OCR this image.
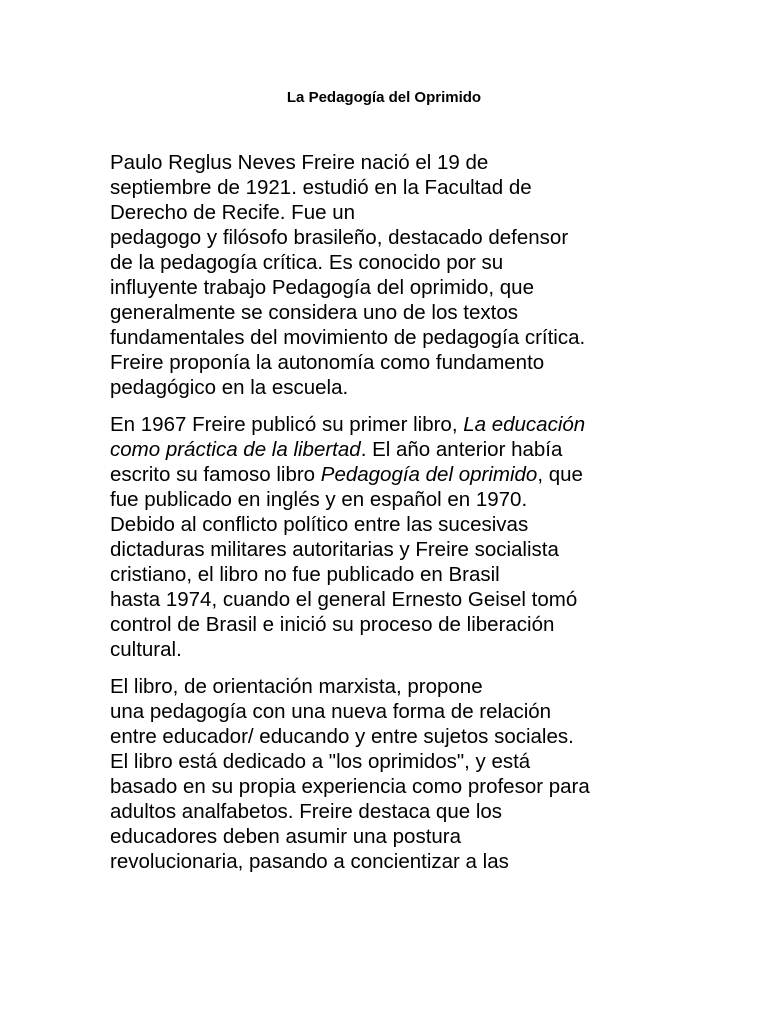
La Pedagogía del Oprimido

Paulo Reglus Neves Freire nació el 19 de
septiembre de 1921. estudió en la Facultad de
Derecho de Recife. Fue un
pedagogo y filósofo brasileño, destacado defensor
de la pedagogía crítica. Es conocido por su
influyente trabajo Pedagogía del oprimido, que
generalmente se considera uno de los textos
fundamentales del movimiento de pedagogía crítica.
Freire proponía la autonomía como fundamento
pedagógico en la escuela.

En 1967 Freire publicó su primer libro, La educación
como práctica de la libertad. El año anterior había
escrito su famoso libro Pedagogía del oprimido, que
fue publicado en inglés y en español en 1970.
Debido al conflicto político entre las sucesivas
dictaduras militares autoritarias y Freire socialista
cristiano, el libro no fue publicado en Brasil
hasta 1974, cuando el general Ernesto Geisel tomó
control de Brasil e inició su proceso de liberación
cultural.

El libro, de orientación marxista, propone
una pedagogía con una nueva forma de relación
entre educador/ educando y entre sujetos sociales.
El libro está dedicado a "los oprimidos", y está
basado en su propia experiencia como profesor para
adultos analfabetos. Freire destaca que los
educadores deben asumir una postura
revolucionaria, pasando a concientizar a las
